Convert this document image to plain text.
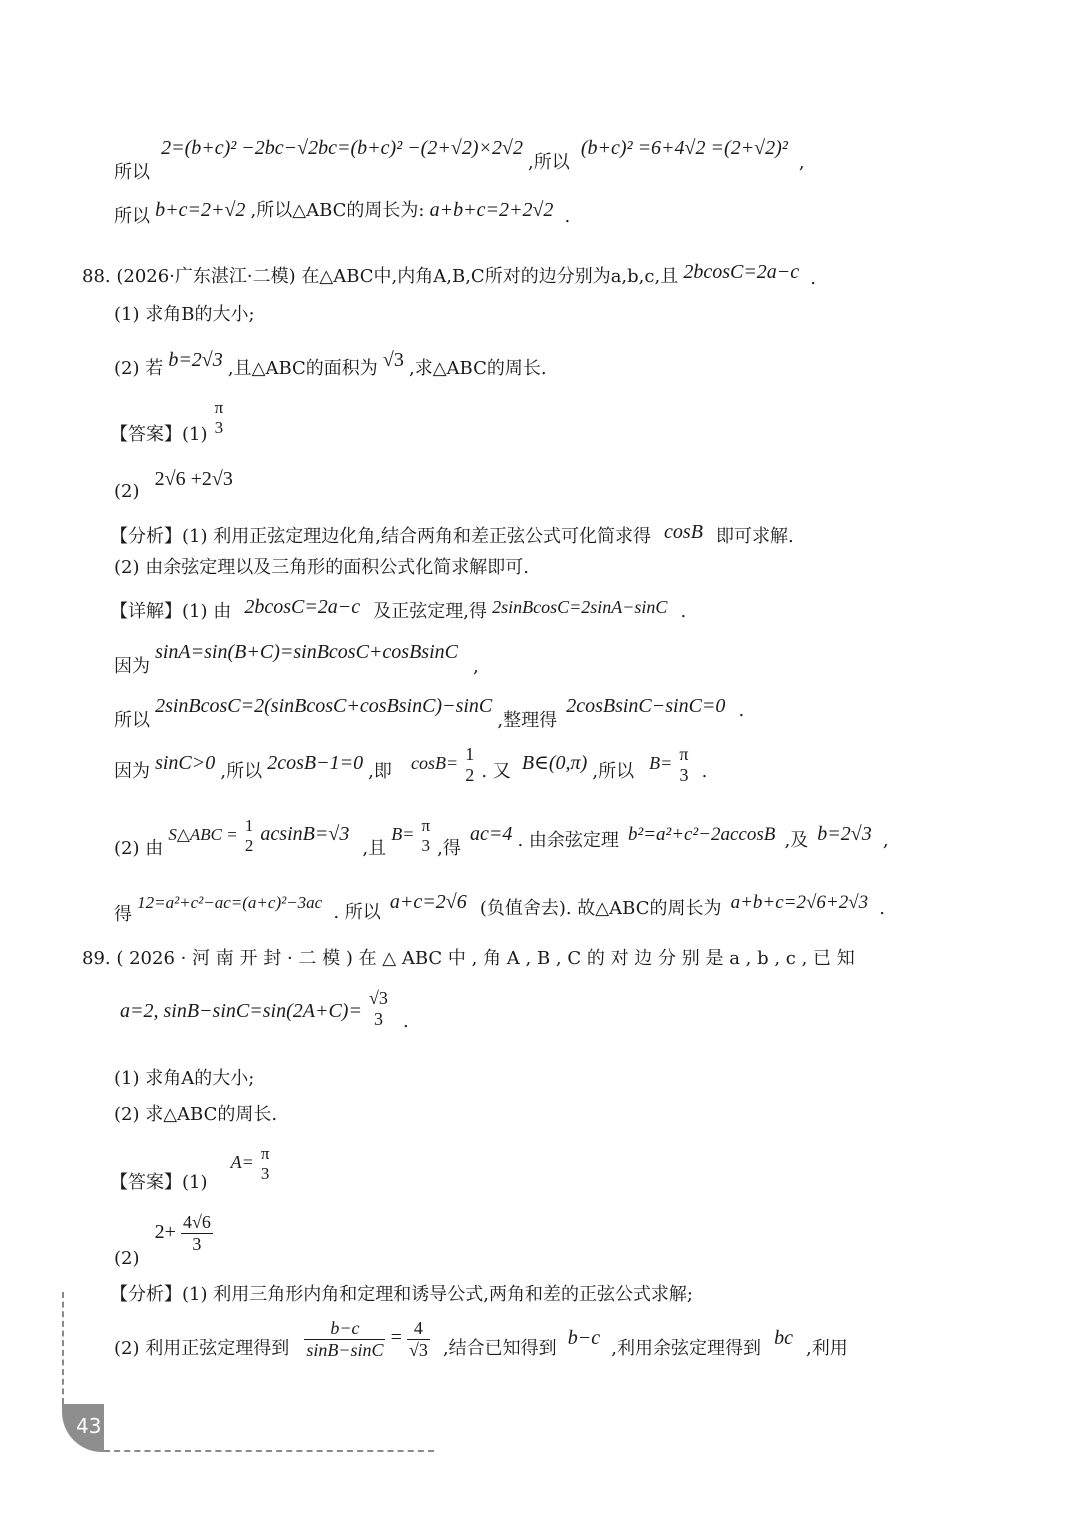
所以 2=(b+c)² −2bc−√2bc=(b+c)² −(2+√2)×2√2 ,所以 (b+c)² =6+4√2 =(2+√2)² ,
所以 b+c=2+√2 ,所以△ABC的周长为: a+b+c=2+2√2 .
88. (2026·广东湛江·二模) 在△ABC中,内角A,B,C所对的边分别为a,b,c,且 2bcosC=2a−c .
(1) 求角B的大小;
(2) 若 b=2√3 ,且△ABC的面积为 √3 ,求△ABC的周长.
【答案】(1)
π
3
(2) 2√6 +2√3
【分析】(1) 利用正弦定理边化角,结合两角和差正弦公式可化简求得 cosB 即可求解.
(2) 由余弦定理以及三角形的面积公式化简求解即可.
【详解】(1) 由 2bcosC=2a−c 及正弦定理,得 2sinBcosC=2sinA−sinC .
因为 sinA=sin(B+C)=sinBcosC+cosBsinC ,
所以 2sinBcosC=2(sinBcosC+cosBsinC)−sinC ,整理得 2cosBsinC−sinC=0 .
因为 sinC>0 ,所以 2cosB−1=0 ,即 cosB= 1
2 . 又 B∈(0,π) ,所以 B= π
3 .
(2) 由 S△ABC = 1
2 acsinB=√3 ,且 B= π
3 ,得 ac=4 . 由余弦定理 b²=a²+c²−2accosB ,及 b=2√3 ,
得 12=a²+c²−ac=(a+c)²−3ac . 所以 a+c=2√6 (负值舍去). 故△ABC的周长为 a+b+c=2√6+2√3 .
89. ( 2026 · 河 南 开 封 · 二 模 ) 在 △ ABC 中 , 角 A , B , C 的 对 边 分 别 是 a , b , c , 已 知
a=2, sinB−sinC=sin(2A+C)=
√3
3	.
(1) 求角A的大小;
(2) 求△ABC的周长.
【答案】(1) A= π
3
(2) $2+ \frac{4√6}{3}$
【分析】(1) 利用三角形内角和定理和诱导公式,两角和差的正弦公式求解;
(2) 利用正弦定理得到 $\frac{b-c}{\sin B-\sin C} = \frac{4}{√3}$ ,结合已知得到 b−c ,利用余弦定理得到 bc ,利用
43
